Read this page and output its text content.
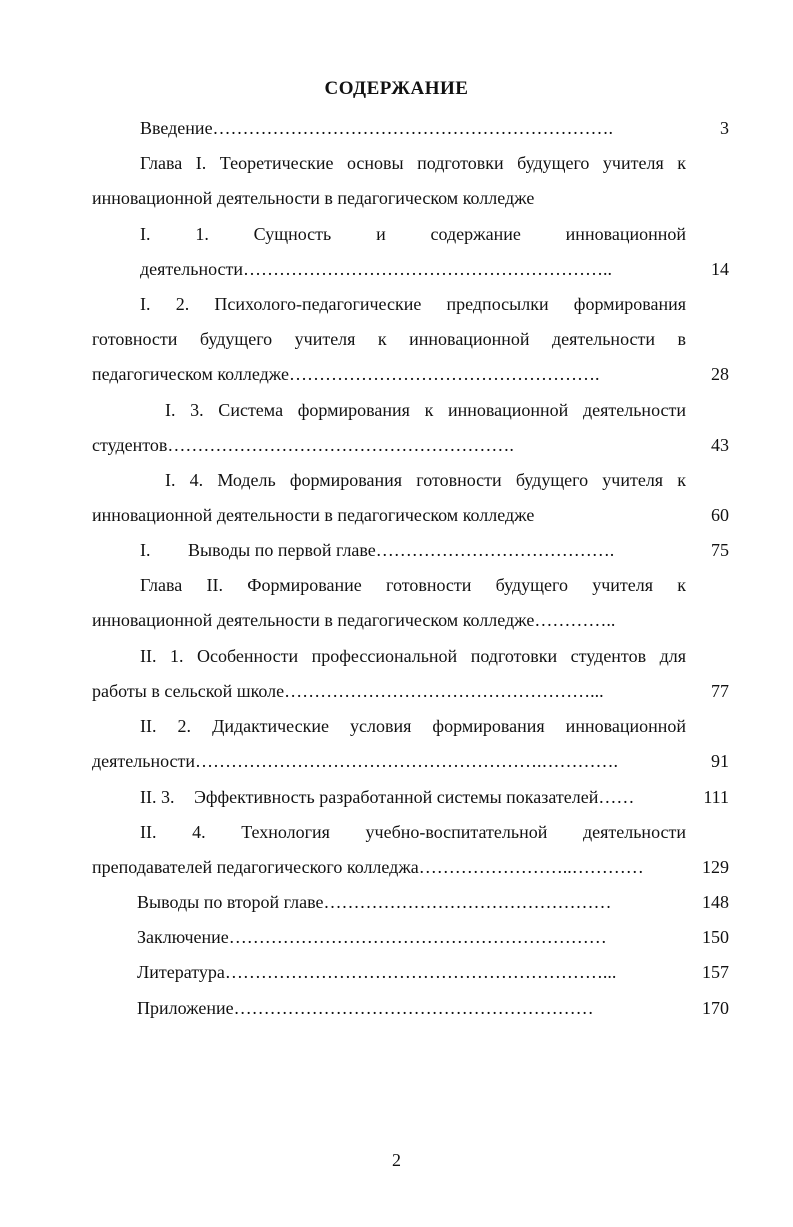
СОДЕРЖАНИЕ
Введение………………………………………………………….	3
Глава I. Теоретические основы подготовки будущего учителя к
инновационной деятельности в педагогическом колледже
I. 1. Сущность и содержание инновационной
деятельности……………………………………………………..	14
I. 2. Психолого-педагогические предпосылки формирования
готовности будущего учителя к инновационной деятельности в
педагогическом колледже…………………………………………….	28
I. 3. Система формирования к инновационной деятельности
студентов………………………………………………….	43
I. 4. Модель формирования готовности будущего учителя к
инновационной деятельности в педагогическом колледже	60
I. Выводы по первой главе………………………………….	75
Глава II. Формирование готовности будущего учителя к
инновационной деятельности в педагогическом колледже…………..
II. 1. Особенности профессиональной подготовки студентов для
работы в сельской школе……………………………………………...	77
II. 2. Дидактические условия формирования инновационной
деятельности………………………………………………….………….	91
II. 3. Эффективность разработанной системы показателей……	111
II. 4. Технология учебно-воспитательной деятельности
преподавателей педагогического колледжа……………………..…………	129
Выводы по второй главе…………………………………………	148
Заключение………………………………………………………	150
Литература………………………………………………………...	157
Приложение……………………………………………………	170
2
